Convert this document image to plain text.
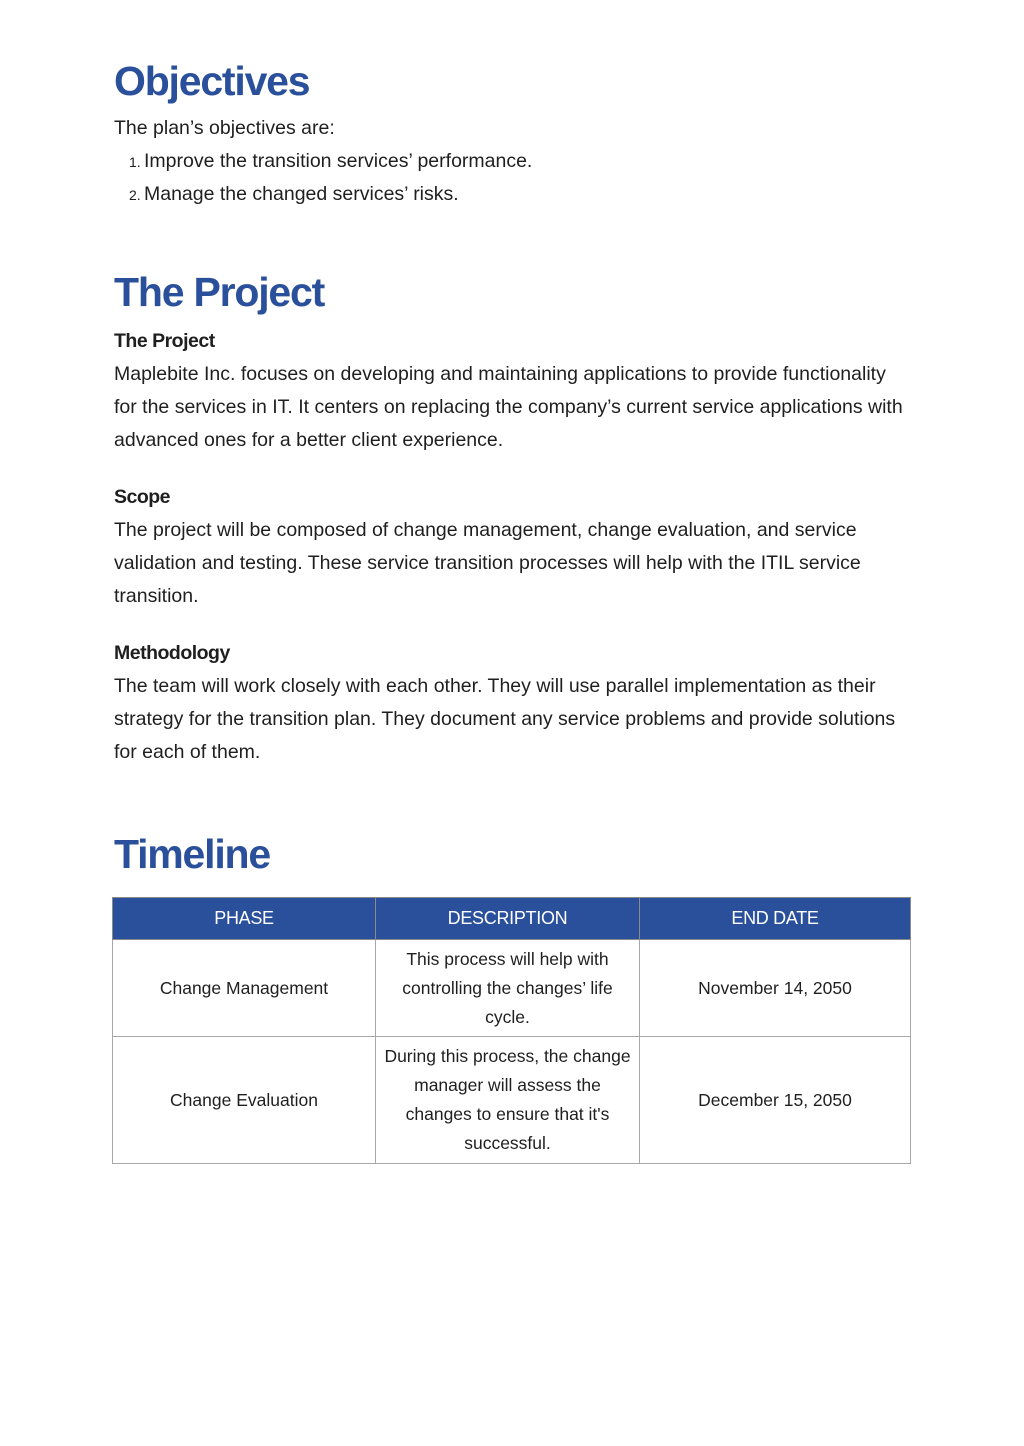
Objectives

The plan’s objectives are:

1. Improve the transition services’ performance.
2. Manage the changed services’ risks.
The Project
The Project

Maplebite Inc. focuses on developing and maintaining applications to provide functionality for the services in IT. It centers on replacing the company’s current service applications with advanced ones for a better client experience.

Scope

The project will be composed of change management, change evaluation, and service validation and testing. These service transition processes will help with the ITIL service transition.

Methodology

The team will work closely with each other. They will use parallel implementation as their strategy for the transition plan. They document any service problems and provide solutions for each of them.

Timeline
PHASE	DESCRIPTION	END DATE
Change Management	This process will help with controlling the changes’ life cycle.	November 14, 2050
Change Evaluation	During this process, the change manager will assess the changes to ensure that it's successful.	December 15, 2050
